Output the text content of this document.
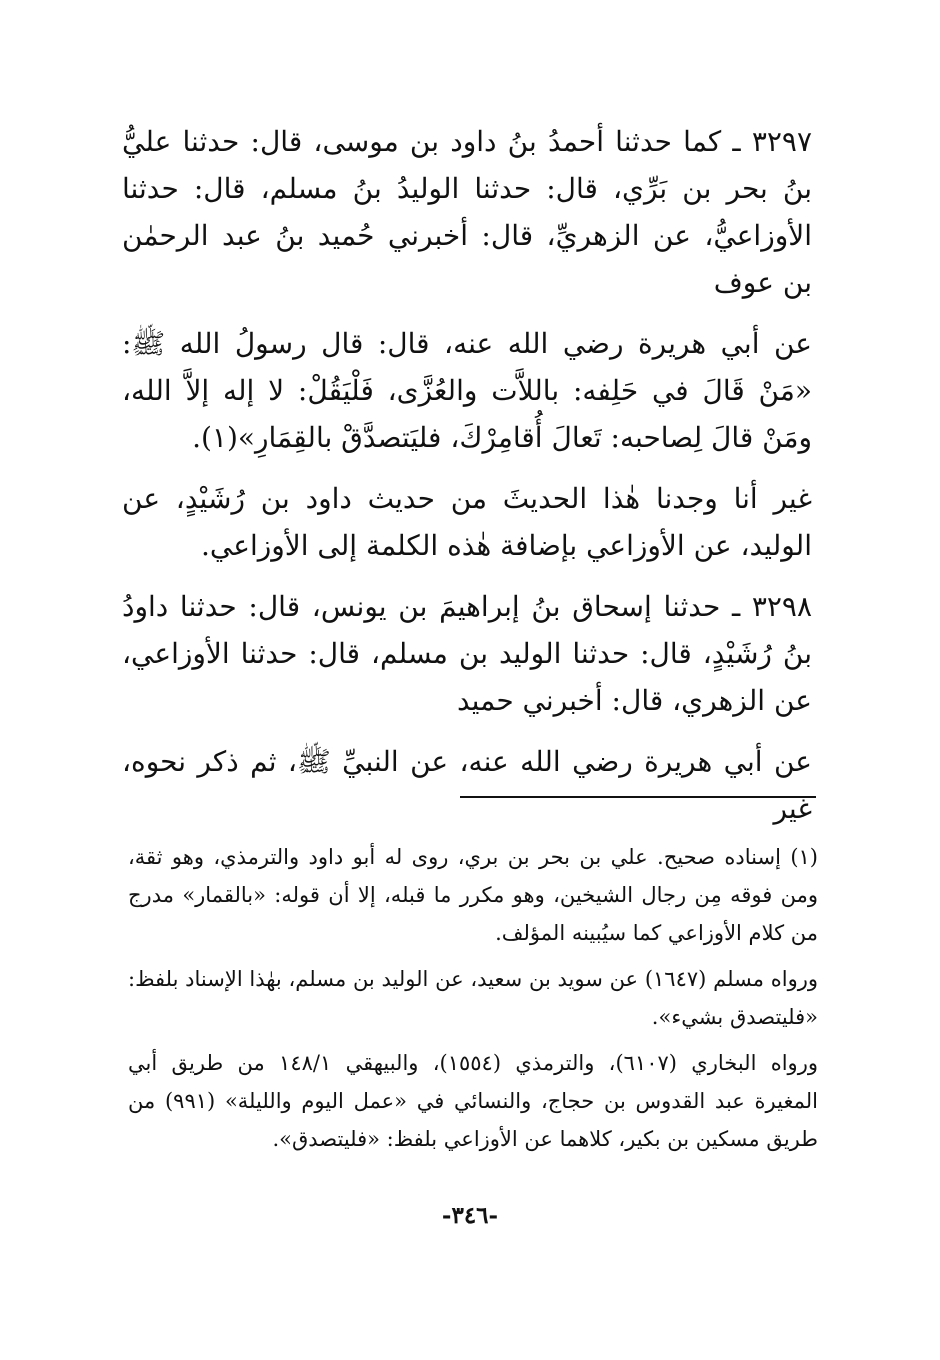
٣٢٩٧ ـ كما حدثنا أحمدُ بنُ داود بن موسى، قال: حدثنا عليُّ بنُ بحر بن بَرِّي، قال: حدثنا الوليدُ بنُ مسلم، قال: حدثنا الأوزاعيُّ، عن الزهريِّ، قال: أخبرني حُميد بنُ عبد الرحمٰن بن عوف

عن أبي هريرة رضي الله عنه، قال: قال رسولُ الله ﷺ: «مَنْ قَالَ في حَلِفه: باللاَّت والعُزَّى، فَلْيَقُلْ: لا إله إلاَّ الله، ومَنْ قالَ لِصاحبه: تَعالَ أُقامِرْكَ، فليَتصدَّقْ بالقِمَارِ»(١).

غير أنا وجدنا هٰذا الحديثَ من حديث داود بن رُشَيْدٍ، عن الوليد، عن الأوزاعي بإضافة هٰذه الكلمة إلى الأوزاعي.

٣٢٩٨ ـ حدثنا إسحاق بنُ إبراهيمَ بن يونس، قال: حدثنا داودُ بنُ رُشَيْدٍ، قال: حدثنا الوليد بن مسلم، قال: حدثنا الأوزاعي، عن الزهري، قال: أخبرني حميد

عن أبي هريرة رضي الله عنه، عن النبيِّ ﷺ، ثم ذكر نحوه، غير

(١) إسناده صحيح. علي بن بحر بن بري، روى له أبو داود والترمذي، وهو ثقة، ومن فوقه مِن رجال الشيخين، وهو مكرر ما قبله، إلا أن قوله: «بالقمار» مدرج من كلام الأوزاعي كما سيُبينه المؤلف.

ورواه مسلم (١٦٤٧) عن سويد بن سعيد، عن الوليد بن مسلم، بهٰذا الإسناد بلفظ: «فليتصدق بشيء».

ورواه البخاري (٦١٠٧)، والترمذي (١٥٥٤)، والبيهقي ١٤٨/١ من طريق أبي المغيرة عبد القدوس بن حجاج، والنسائي في «عمل اليوم والليلة» (٩٩١) من طريق مسكين بن بكير، كلاهما عن الأوزاعي بلفظ: «فليتصدق».

-٣٤٦-
